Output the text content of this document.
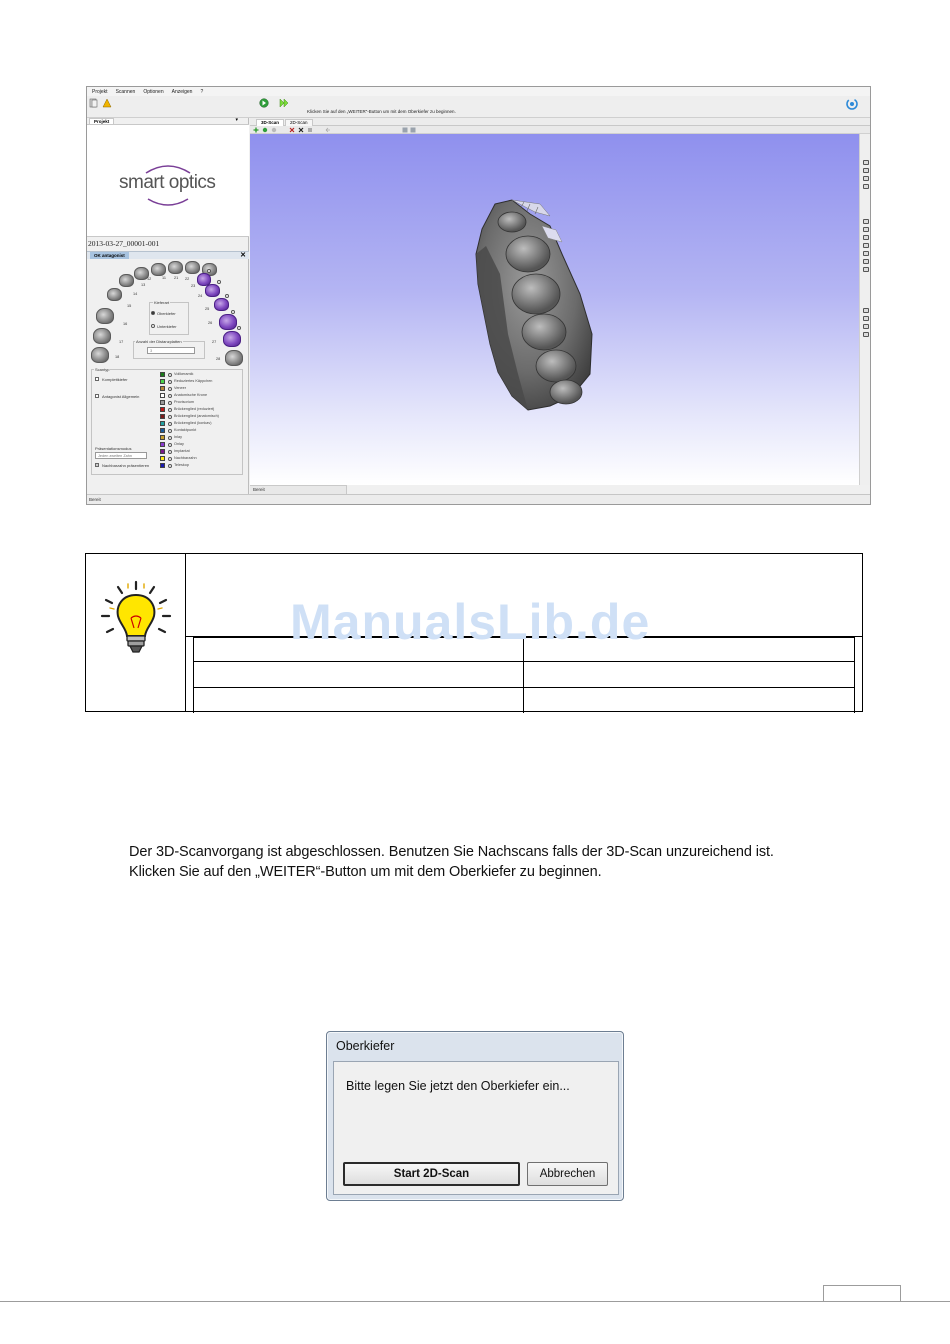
Projekt Scannen Optionen Anzeigen ?
Klicken Sie auf den „WEITER“-Button um mit dem Oberkiefer zu beginnen.
Projekt	▾
smart optics
2013-03-27_00001-001
OK antagonist	✕
12	11 21 22
13	23
14	24
15
25
16	26
17	27
18	28
Kieferart
Oberkiefer
Unterkiefer
Anzahl der Distanzplatten
3
Scantyp
Komplettkiefer
Antagonist Allgemein
Präsentationsmodus
Jeden zweiten Zahn
Nachbarzahn präsentieren
Vollkeramik
Reduziertes Käppchen
Veneer
Anatomische Krone
Provisorium
Brückenglied (reduziert)
Brückenglied (anatomisch)
Brückenglied (konkav)
Kontaktpunkt
Inlay
Onlay
Implantat
Nachbarzahn
Teleskop
3D-Scan	2D-Scan
Bereit
Bereit
ManualsLib.de
Der 3D-Scanvorgang ist abgeschlossen. Benutzen Sie Nachscans falls der 3D-Scan unzureichend ist.
Klicken Sie auf den „WEITER“-Button um mit dem Oberkiefer zu beginnen.
Oberkiefer
Bitte legen Sie jetzt den Oberkiefer ein...
Start 2D-Scan	Abbrechen
